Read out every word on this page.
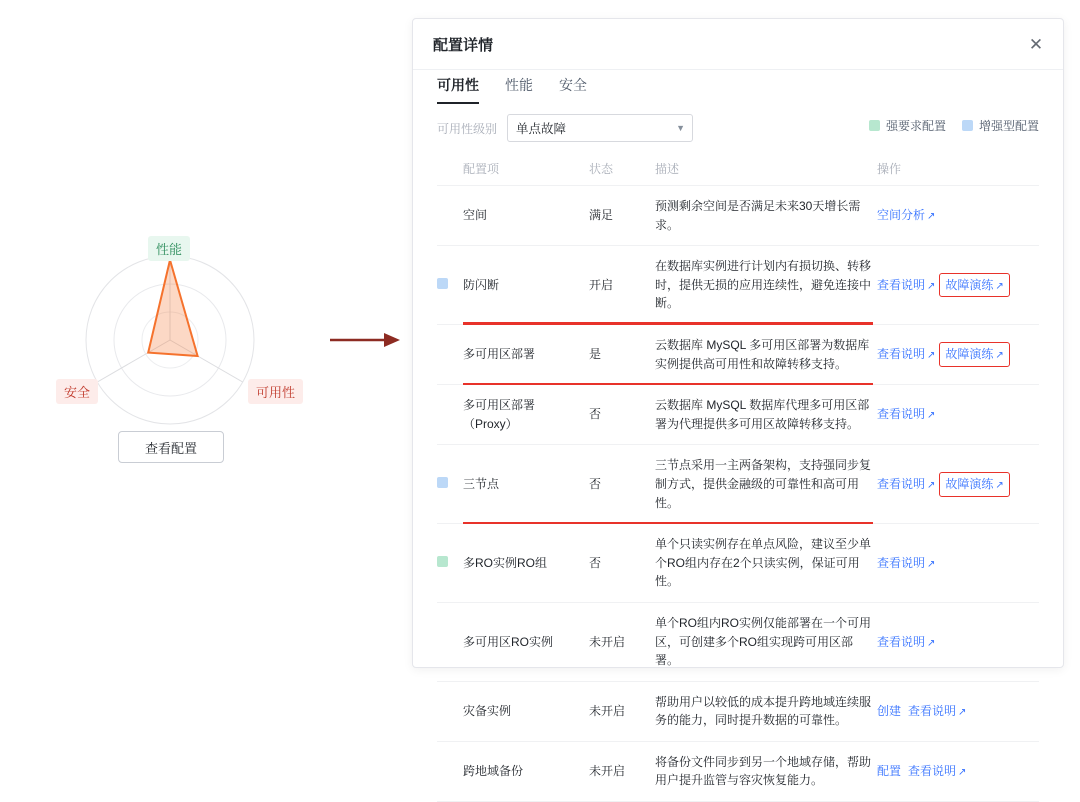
性能
可用性
安全
查看配置
配置详情	✕
可用性 性能 安全
可用性级别 单点故障	▼	强要求配置	增强型配置
	配置项	状态	描述	操作
	空间	满足	预测剩余空间是否满足未来30天增长需求。	空间分析 ↗
	防闪断	开启	在数据库实例进行计划内有损切换、转移时，提供无损的应用连续性，避免连接中断。	查看说明 ↗ 故障演练 ↗
	多可用区部署	是	云数据库 MySQL 多可用区部署为数据库实例提供高可用性和故障转移支持。	查看说明 ↗ 故障演练 ↗
	多可用区部署（Proxy）	否	云数据库 MySQL 数据库代理多可用区部署为代理提供多可用区故障转移支持。	查看说明 ↗
	三节点	否	三节点采用一主两备架构，支持强同步复制方式，提供金融级的可靠性和高可用性。	查看说明 ↗ 故障演练 ↗
	多RO实例RO组	否	单个只读实例存在单点风险，建议至少单个RO组内存在2个只读实例，保证可用性。	查看说明 ↗
	多可用区RO实例	未开启	单个RO组内RO实例仅能部署在一个可用区，可创建多个RO组实现跨可用区部署。	查看说明 ↗
	灾备实例	未开启	帮助用户以较低的成本提升跨地域连续服务的能力，同时提升数据的可靠性。	创建 查看说明 ↗
	跨地域备份	未开启	将备份文件同步到另一个地域存储，帮助用户提升监管与容灾恢复能力。	配置 查看说明 ↗
